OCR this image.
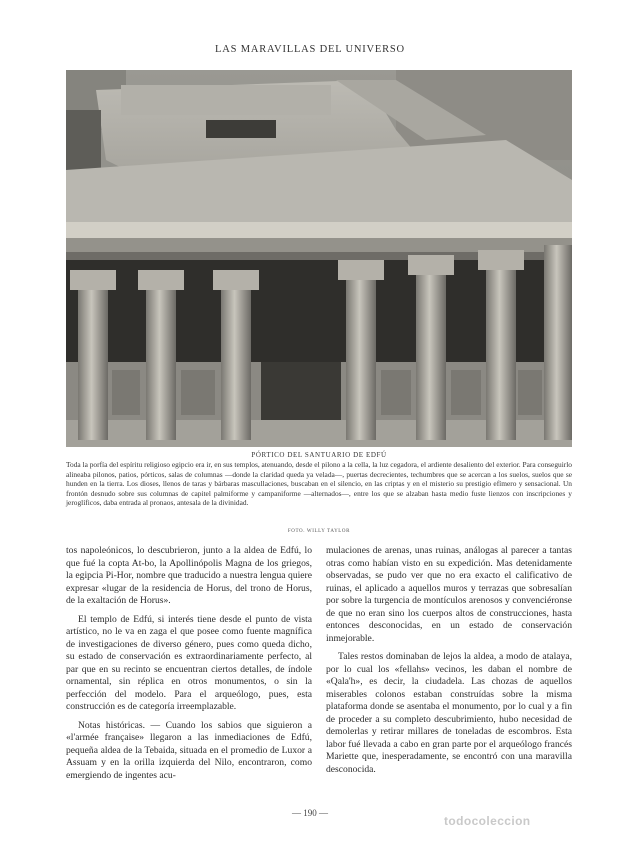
LAS MARAVILLAS DEL UNIVERSO
PÓRTICO DEL SANTUARIO DE EDFÚ
Toda la porfía del espíritu religioso egipcio era ir, en sus templos, atenuando, desde el pilono a la cella, la luz cegadora, el ardiente desaliento del exterior. Para conseguirlo alineaba pilonos, patios, pórticos, salas de columnas —donde la claridad queda ya velada—, puertas decrecientes, techumbres que se acercan a los suelos, suelos que se hunden en la tierra. Los dioses, llenos de taras y bárbaras mascullaciones, buscaban en el silencio, en las criptas y en el misterio su prestigio efímero y sensacional. Un frontón desnudo sobre sus columnas de capitel palmiforme y campaniforme —alternados—, entre los que se alzaban hasta medio fuste lienzos con inscripciones y jeroglíficos, daba entrada al pronaos, antesala de la divinidad.
FOTO. WILLY TAYLOR

tos napoleónicos, lo descubrieron, junto a la aldea de Edfú, lo que fué la copta At-bo, la Apollinópolis Magna de los griegos, la egipcia Pi-Hor, nombre que traducido a nuestra lengua quiere expresar «lugar de la residencia de Horus, del trono de Horus, de la exaltación de Horus».

El templo de Edfú, si interés tiene desde el punto de vista artístico, no le va en zaga el que posee como fuente magnífica de investigaciones de diverso género, pues como queda dicho, su estado de conservación es extraordinariamente perfecto, al par que en su recinto se encuentran ciertos detalles, de índole ornamental, sin réplica en otros monumentos, o sin la perfección del modelo. Para el arqueólogo, pues, esta construcción es de categoría irreemplazable.

Notas históricas. — Cuando los sabios que siguieron a «l'armée française» llegaron a las inmediaciones de Edfú, pequeña aldea de la Tebaida, situada en el promedio de Luxor a Assuam y en la orilla izquierda del Nilo, encontraron, como emergiendo de ingentes acu-

mulaciones de arenas, unas ruinas, análogas al parecer a tantas otras como habían visto en su expedición. Mas detenidamente observadas, se pudo ver que no era exacto el calificativo de ruinas, el aplicado a aquellos muros y terrazas que sobresalían por sobre la turgencia de montículos arenosos y convenciéronse de que no eran sino los cuerpos altos de construcciones, hasta entonces desconocidas, en un estado de conservación inmejorable.

Tales restos dominaban de lejos la aldea, a modo de atalaya, por lo cual los «fellahs» vecinos, les daban el nombre de «Qala'h», es decir, la ciudadela. Las chozas de aquellos miserables colonos estaban construídas sobre la misma plataforma donde se asentaba el monumento, por lo cual y a fin de proceder a su completo descubrimiento, hubo necesidad de demolerlas y retirar millares de toneladas de escombros. Esta labor fué llevada a cabo en gran parte por el arqueólogo francés Mariette que, inesperadamente, se encontró con una maravilla desconocida.

— 190 —
todocoleccion
